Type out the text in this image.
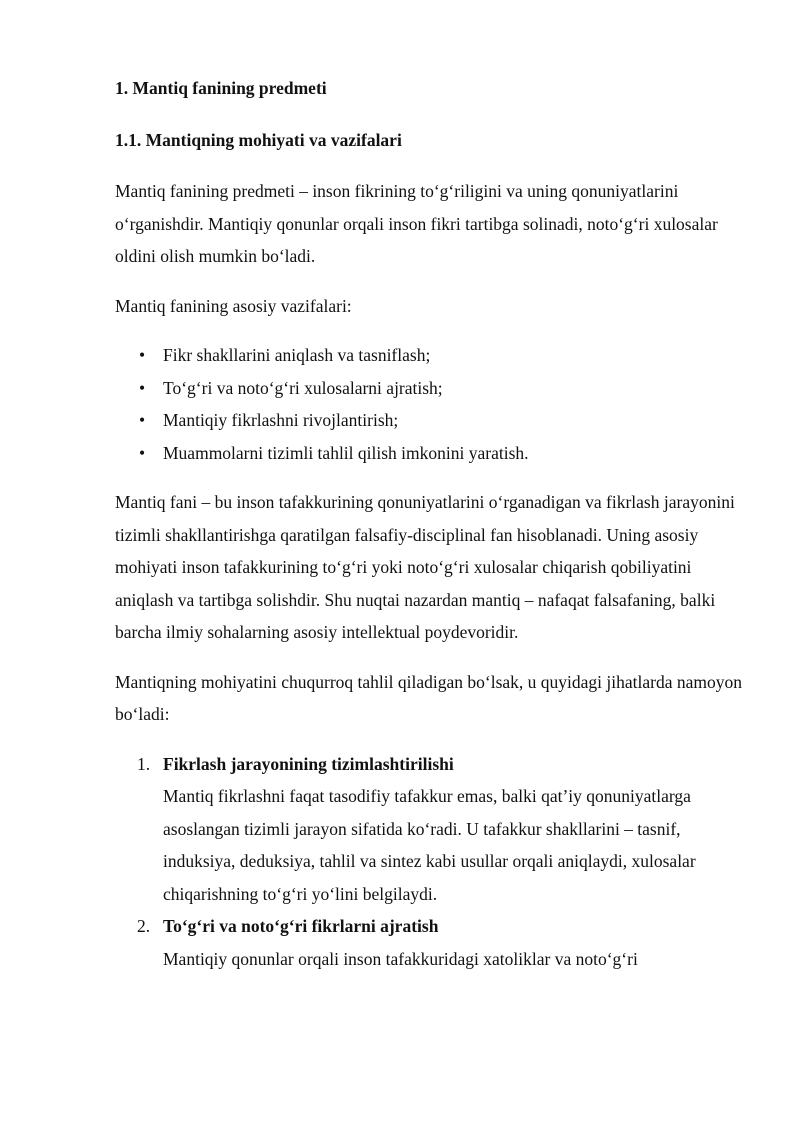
1. Mantiq fanining predmeti

1.1. Mantiqning mohiyati va vazifalari

Mantiq fanining predmeti – inson fikrining to‘g‘riligini va uning qonuniyatlarini o‘rganishdir. Mantiqiy qonunlar orqali inson fikri tartibga solinadi, noto‘g‘ri xulosalar oldini olish mumkin bo‘ladi.

Mantiq fanining asosiy vazifalari:

• Fikr shakllarini aniqlash va tasniflash;
• To‘g‘ri va noto‘g‘ri xulosalarni ajratish;
• Mantiqiy fikrlashni rivojlantirish;
• Muammolarni tizimli tahlil qilish imkonini yaratish.

Mantiq fani – bu inson tafakkurining qonuniyatlarini o‘rganadigan va fikrlash jarayonini tizimli shakllantirishga qaratilgan falsafiy-disciplinal fan hisoblanadi. Uning asosiy mohiyati inson tafakkurining to‘g‘ri yoki noto‘g‘ri xulosalar chiqarish qobiliyatini aniqlash va tartibga solishdir. Shu nuqtai nazardan mantiq – nafaqat falsafaning, balki barcha ilmiy sohalarning asosiy intellektual poydevoridir.

Mantiqning mohiyatini chuqurroq tahlil qiladigan bo‘lsak, u quyidagi jihatlarda namoyon bo‘ladi:

1. Fikrlash jarayonining tizimlashtirilishi
Mantiq fikrlashni faqat tasodifiy tafakkur emas, balki qat’iy qonuniyatlarga asoslangan tizimli jarayon sifatida ko‘radi. U tafakkur shakllarini – tasnif, induksiya, deduksiya, tahlil va sintez kabi usullar orqali aniqlaydi, xulosalar chiqarishning to‘g‘ri yo‘lini belgilaydi.
2. To‘g‘ri va noto‘g‘ri fikrlarni ajratish
Mantiqiy qonunlar orqali inson tafakkuridagi xatoliklar va noto‘g‘ri
